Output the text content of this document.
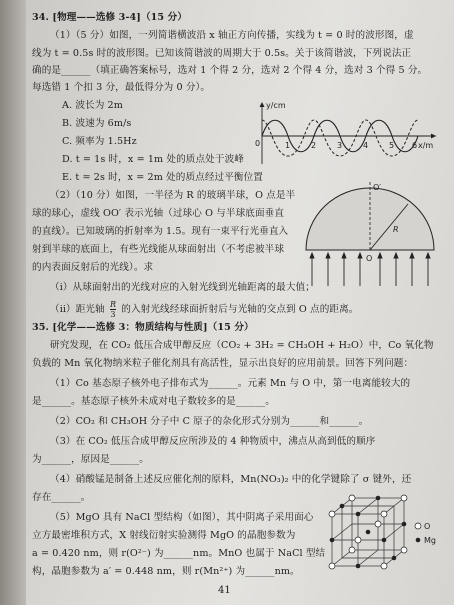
34. [物理——选修 3-4]（15 分）
（1）（5 分）如图，一列简谐横波沿 x 轴正方向传播，实线为 t = 0 时的波形图，虚
线为 t = 0.5s 时的波形图。已知该简谐波的周期大于 0.5s。关于该简谐波，下列说法正
确的是______（填正确答案标号，选对 1 个得 2 分，选对 2 个得 4 分，选对 3 个得 5 分。
每选错 1 个扣 3 分，最低得分为 0 分）。
A. 波长为 2m
B. 波速为 6m/s
C. 频率为 1.5Hz
D. t = 1s 时，x = 1m 处的质点处于波峰
E. t = 2s 时，x = 2m 处的质点经过平衡位置
y/cm
x/m
0	1	2	3	4	5 6
（2）（10 分）如图，一半径为 R 的玻璃半球，O 点是半
球的球心，虚线 OO′ 表示光轴（过球心 O 与半球底面垂直
的直线）。已知玻璃的折射率为 1.5。现有一束平行光垂直入
射到半球的底面上，有些光线能从球面射出（不考虑被半球
的内表面反射后的光线）。求
O′
O
R
（i）从球面射出的光线对应的入射光线到光轴距离的最大值；
（ii）距光轴 $\frac{R}{3}$ 的入射光线经球面折射后与光轴的交点到 O 点的距离。
35. [化学——选修 3：物质结构与性质]（15 分）
研究发现，在 CO₂ 低压合成甲醇反应（CO₂ + 3H₂ = CH₃OH + H₂O）中，Co 氧化物
负载的 Mn 氧化物纳米粒子催化剂具有高活性，显示出良好的应用前景。回答下列问题：
（1）Co 基态原子核外电子排布式为______。元素 Mn 与 O 中，第一电离能较大的
是______。基态原子核外未成对电子数较多的是______。
（2）CO₂ 和 CH₃OH 分子中 C 原子的杂化形式分别为______和______。
（3）在 CO₂ 低压合成甲醇反应所涉及的 4 种物质中，沸点从高到低的顺序
为______，原因是______。
（4）硝酸锰是制备上述反应催化剂的原料，Mn(NO₃)₂ 中的化学键除了 σ 键外，还
存在______。
（5）MgO 具有 NaCl 型结构（如图），其中阴离子采用面心
立方最密堆积方式，X 射线衍射实验测得 MgO 的晶胞参数为
a = 0.420 nm，则 r(O²⁻) 为______nm。MnO 也属于 NaCl 型结
构，晶胞参数为 a′ = 0.448 nm，则 r(Mn²⁺) 为______nm。
O
Mg
41
